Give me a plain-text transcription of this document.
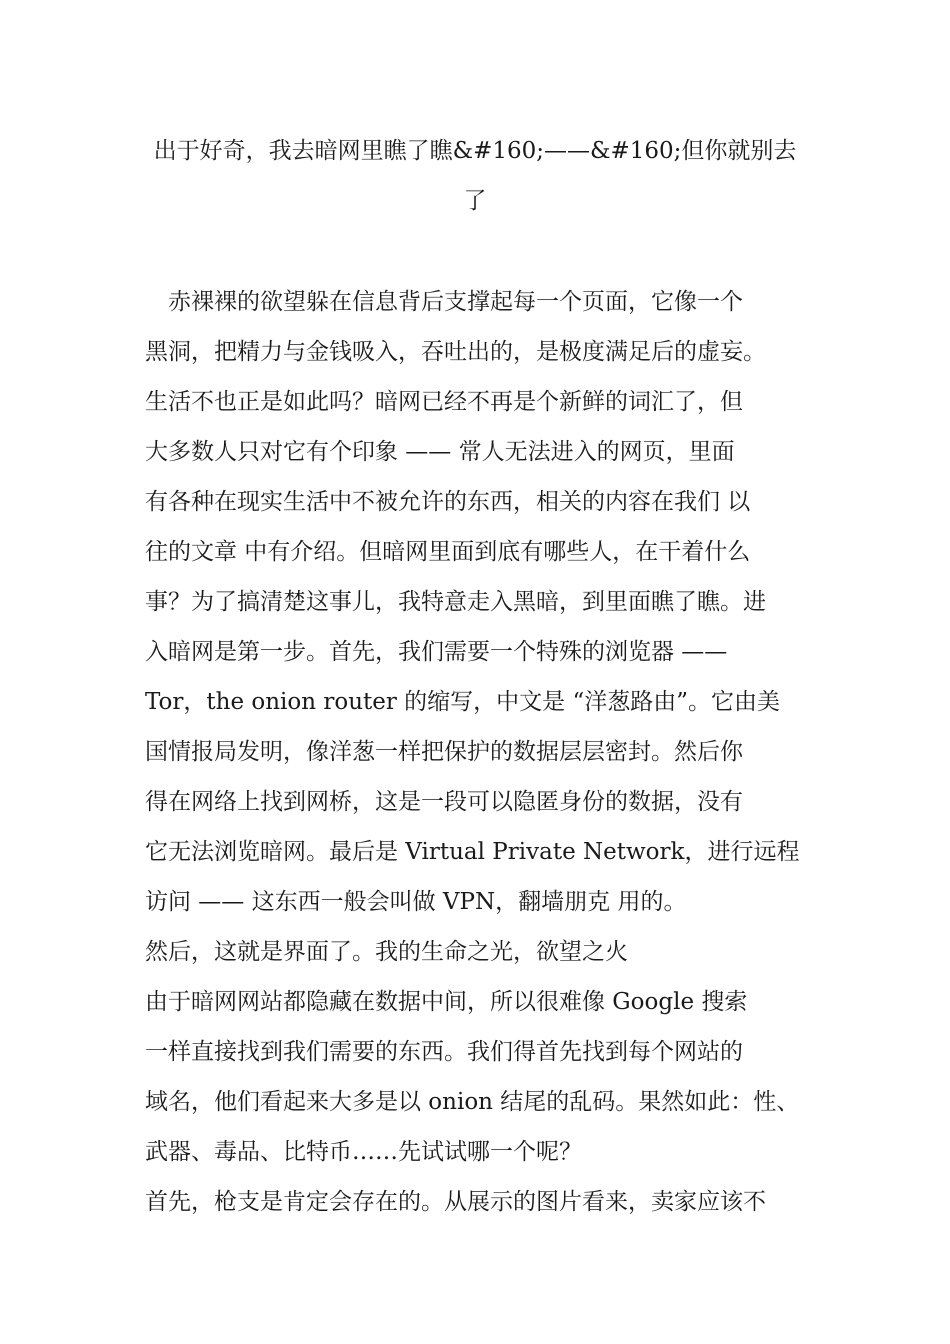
出于好奇，我去暗网里瞧了瞧&#160;——&#160;但你就别去
了
赤裸裸的欲望躲在信息背后支撑起每一个页面，它像一个
黑洞，把精力与金钱吸入，吞吐出的，是极度满足后的虚妄。
生活不也正是如此吗？暗网已经不再是个新鲜的词汇了，但
大多数人只对它有个印象 —— 常人无法进入的网页，里面
有各种在现实生活中不被允许的东西，相关的内容在我们 以
往的文章 中有介绍。但暗网里面到底有哪些人，在干着什么
事？为了搞清楚这事儿，我特意走入黑暗，到里面瞧了瞧。进
入暗网是第一步。首先，我们需要一个特殊的浏览器 ——
Tor，the onion router 的缩写，中文是 “洋葱路由”。它由美
国情报局发明，像洋葱一样把保护的数据层层密封。然后你
得在网络上找到网桥，这是一段可以隐匿身份的数据，没有
它无法浏览暗网。最后是 Virtual Private Network，进行远程
访问 —— 这东西一般会叫做 VPN，翻墙朋克 用的。
然后，这就是界面了。我的生命之光，欲望之火
由于暗网网站都隐藏在数据中间，所以很难像 Google 搜索
一样直接找到我们需要的东西。我们得首先找到每个网站的
域名，他们看起来大多是以 onion 结尾的乱码。果然如此：性、
武器、毒品、比特币……先试试哪一个呢？
首先，枪支是肯定会存在的。从展示的图片看来，卖家应该不
